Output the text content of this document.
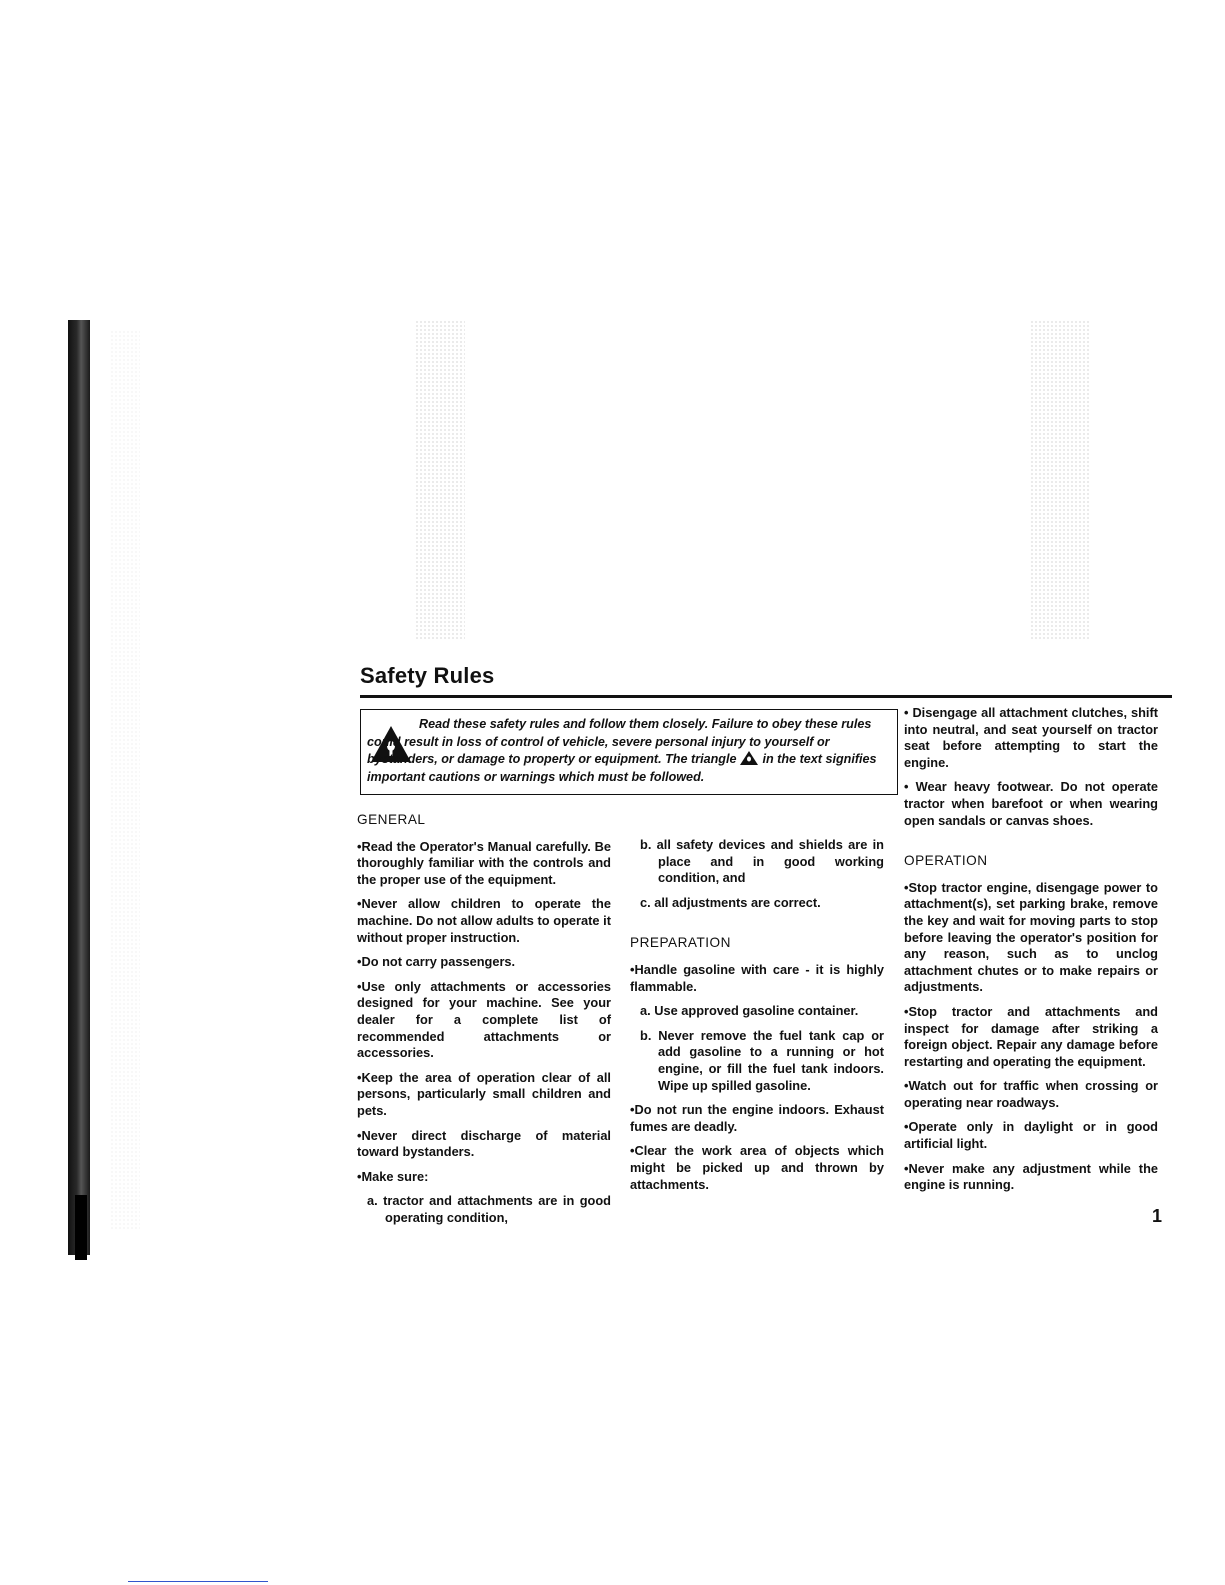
Safety Rules

Read these safety rules and follow them closely. Failure to obey these rules could result in loss of control of vehicle, severe personal injury to yourself or bystanders, or damage to property or equipment. The triangle in the text signifies important cautions or warnings which must be followed.

GENERAL

•Read the Operator's Manual carefully. Be thoroughly familiar with the controls and the proper use of the equipment.

•Never allow children to operate the machine. Do not allow adults to operate it without proper instruction.

•Do not carry passengers.

•Use only attachments or accessories designed for your machine. See your dealer for a complete list of recommended attachments or accessories.

•Keep the area of operation clear of all persons, particularly small children and pets.

•Never direct discharge of material toward bystanders.

•Make sure:

a. tractor and attachments are in good operating condition,

b. all safety devices and shields are in place and in good working condition, and

c. all adjustments are correct.

PREPARATION

•Handle gasoline with care - it is highly flammable.

a. Use approved gasoline container.

b. Never remove the fuel tank cap or add gasoline to a running or hot engine, or fill the fuel tank indoors. Wipe up spilled gasoline.

•Do not run the engine indoors. Exhaust fumes are deadly.

•Clear the work area of objects which might be picked up and thrown by attachments.

• Disengage all attachment clutches, shift into neutral, and seat yourself on tractor seat before attempting to start the engine.

• Wear heavy footwear. Do not operate tractor when barefoot or when wearing open sandals or canvas shoes.

OPERATION

•Stop tractor engine, disengage power to attachment(s), set parking brake, remove the key and wait for moving parts to stop before leaving the operator's position for any reason, such as to unclog attachment chutes or to make repairs or adjustments.

•Stop tractor and attachments and inspect for damage after striking a foreign object. Repair any damage before restarting and operating the equipment.

•Watch out for traffic when crossing or operating near roadways.

•Operate only in daylight or in good artificial light.

•Never make any adjustment while the engine is running.

1
